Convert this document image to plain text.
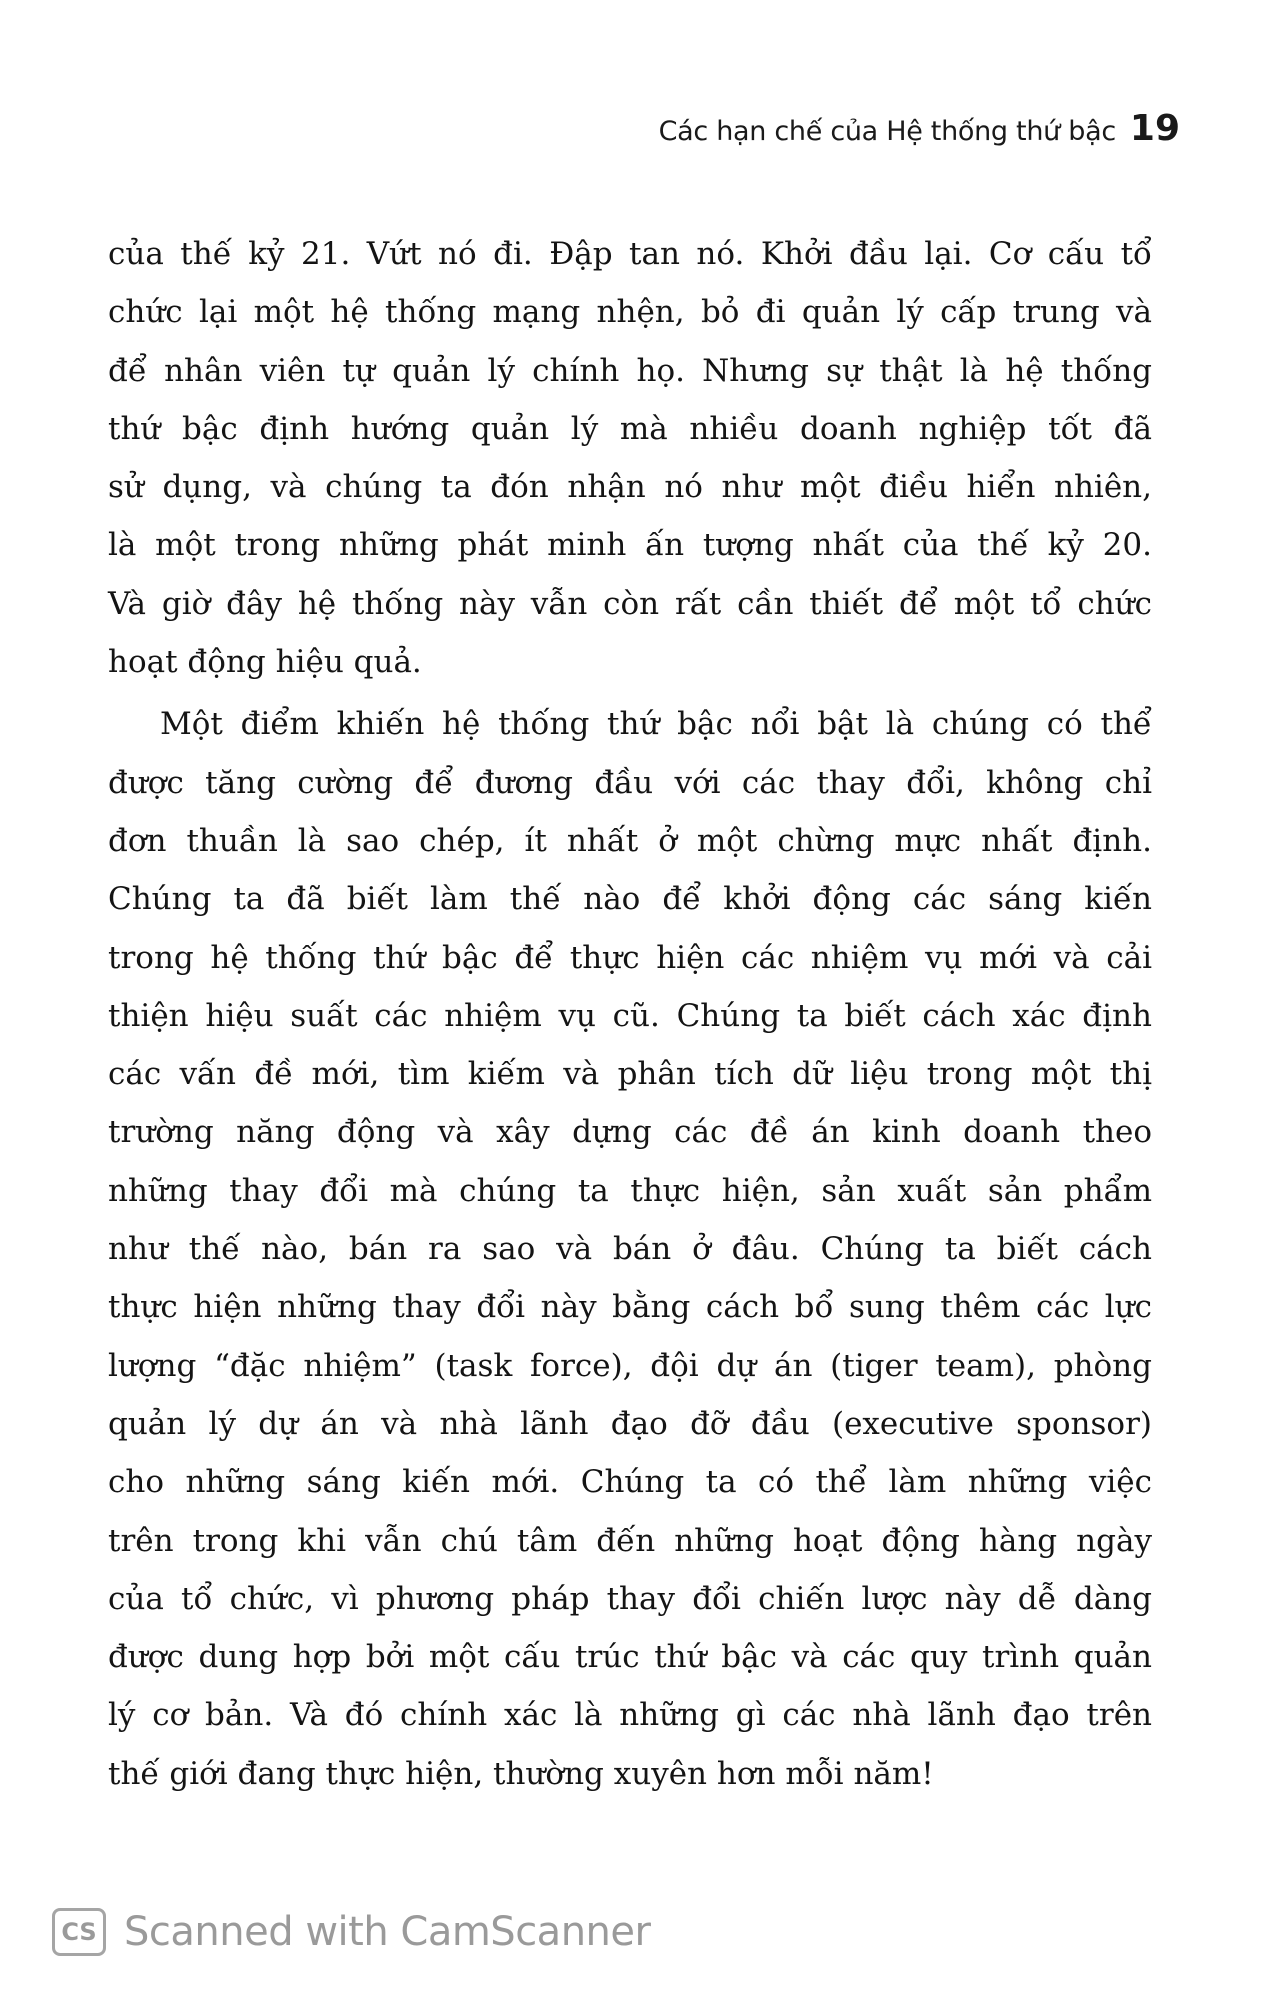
Các hạn chế của Hệ thống thứ bậc 19
của thế kỷ 21. Vứt nó đi. Đập tan nó. Khởi đầu lại. Cơ cấu tổ
chức lại một hệ thống mạng nhện, bỏ đi quản lý cấp trung và
để nhân viên tự quản lý chính họ. Nhưng sự thật là hệ thống
thứ bậc định hướng quản lý mà nhiều doanh nghiệp tốt đã
sử dụng, và chúng ta đón nhận nó như một điều hiển nhiên,
là một trong những phát minh ấn tượng nhất của thế kỷ 20.
Và giờ đây hệ thống này vẫn còn rất cần thiết để một tổ chức
hoạt động hiệu quả.
Một điểm khiến hệ thống thứ bậc nổi bật là chúng có thể
được tăng cường để đương đầu với các thay đổi, không chỉ
đơn thuần là sao chép, ít nhất ở một chừng mực nhất định.
Chúng ta đã biết làm thế nào để khởi động các sáng kiến
trong hệ thống thứ bậc để thực hiện các nhiệm vụ mới và cải
thiện hiệu suất các nhiệm vụ cũ. Chúng ta biết cách xác định
các vấn đề mới, tìm kiếm và phân tích dữ liệu trong một thị
trường năng động và xây dựng các đề án kinh doanh theo
những thay đổi mà chúng ta thực hiện, sản xuất sản phẩm
như thế nào, bán ra sao và bán ở đâu. Chúng ta biết cách
thực hiện những thay đổi này bằng cách bổ sung thêm các lực
lượng “đặc nhiệm” (task force), đội dự án (tiger team), phòng
quản lý dự án và nhà lãnh đạo đỡ đầu (executive sponsor)
cho những sáng kiến mới. Chúng ta có thể làm những việc
trên trong khi vẫn chú tâm đến những hoạt động hàng ngày
của tổ chức, vì phương pháp thay đổi chiến lược này dễ dàng
được dung hợp bởi một cấu trúc thứ bậc và các quy trình quản
lý cơ bản. Và đó chính xác là những gì các nhà lãnh đạo trên
thế giới đang thực hiện, thường xuyên hơn mỗi năm!
CS Scanned with CamScanner
